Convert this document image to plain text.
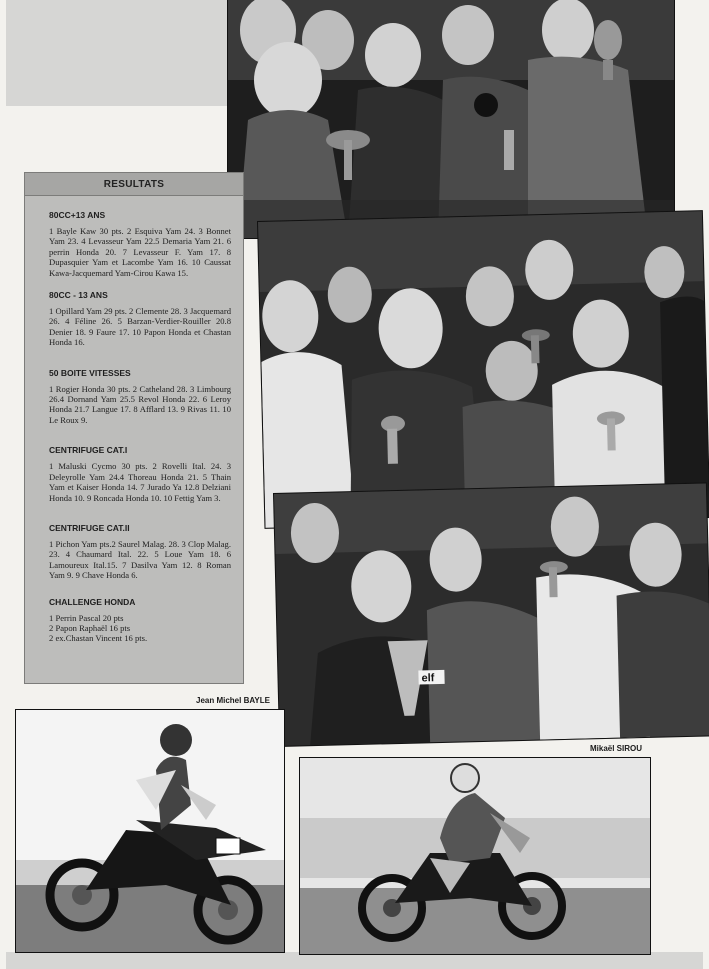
elf
RESULTATS
80CC+13 ANS

1 Bayle Kaw 30 pts. 2 Esquiva Yam 24. 3 Bonnet Yam 23. 4 Levasseur Yam 22.5 Demaria Yam 21. 6 perrin Honda 20. 7 Levasseur F. Yam 17. 8 Dupasquier Yam et Lacombe Yam 16. 10 Caussat Kawa-Jacquemard Yam-Cirou Kawa 15.

80CC - 13 ANS

1 Opillard Yam 29 pts. 2 Clemente 28. 3 Jacquemard 26. 4 Féline 26. 5 Barzan-Verdier-Rouiller 20.8 Denier 18. 9 Faure 17. 10 Papon Honda et Chastan Honda 16.

50 BOITE VITESSES

1 Rogier Honda 30 pts. 2 Catheland 28. 3 Limbourg 26.4 Dornand Yam 25.5 Revol Honda 22. 6 Leroy Honda 21.7 Langue 17. 8 Afflard 13. 9 Rivas 11. 10 Le Roux 9.

CENTRIFUGE CAT.I

1 Maluski Cycmo 30 pts. 2 Rovelli Ital. 24. 3 Deleyrolle Yam 24.4 Thoreau Honda 21. 5 Thain Yam et Kaiser Honda 14. 7 Jurado Ya 12.8 Delziani Honda 10. 9 Roncada Honda 10. 10 Fettig Yam 3.

CENTRIFUGE CAT.II

1 Pichon Yam pts.2 Saurel Malag. 28. 3 Clop Malag. 23. 4 Chaumard Ital. 22. 5 Loue Yam 18. 6 Lamoureux Ital.15. 7 Dasilva Yam 12. 8 Roman Yam 9. 9 Chave Honda 6.

CHALLENGE HONDA
1 Perrin Pascal 20 pts
2 Papon Raphaël 16 pts
2 ex.Chastan Vincent 16 pts.
Jean Michel BAYLE
Mikaël SIROU
